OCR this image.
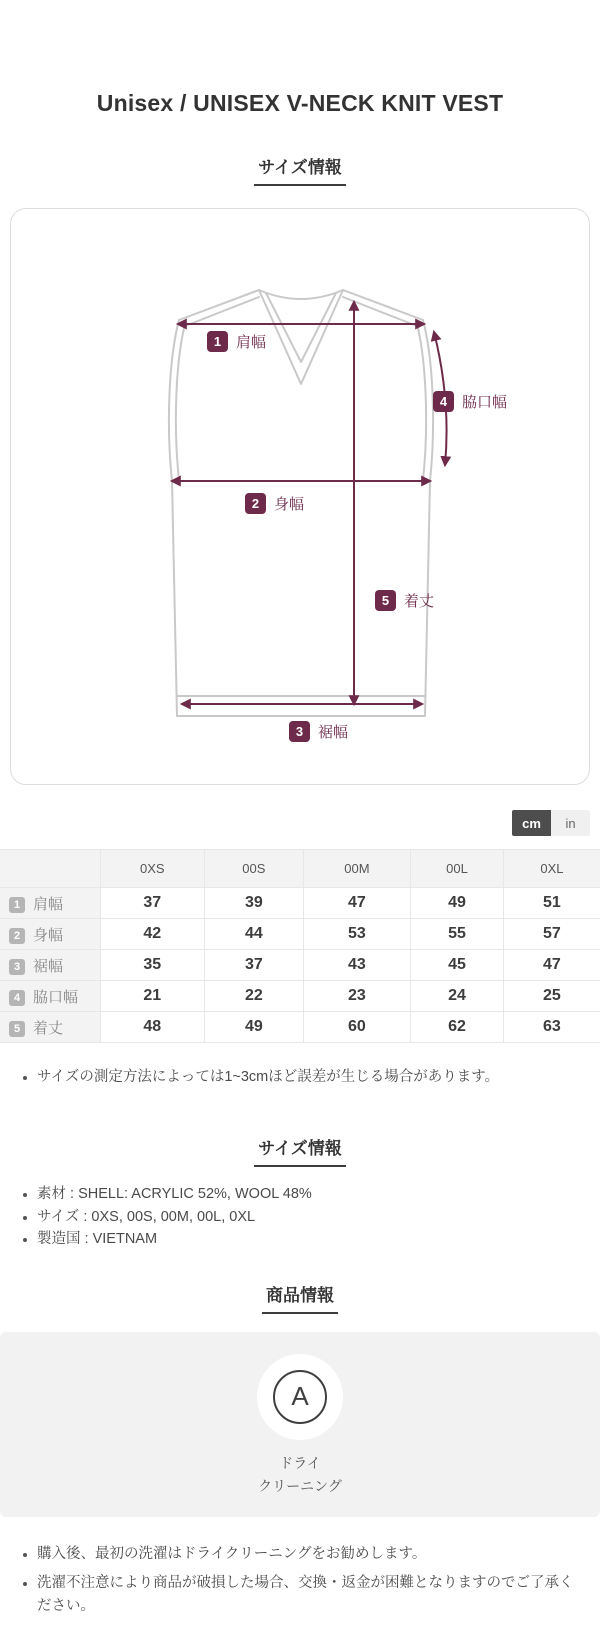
Unisex / UNISEX V-NECK KNIT VEST
サイズ情報
1 肩幅
2 身幅
3 裾幅
4 脇口幅
5 着丈
cm	in
	0XS	00S	00M	00L	0XL
1 肩幅	37	39	47	49	51
2 身幅	42	44	53	55	57
3 裾幅	35	37	43	45	47
4 脇口幅	21	22	23	24	25
5 着丈	48	49	60	62	63
• サイズの測定方法によっては1~3cmほど誤差が生じる場合があります。
サイズ情報
• 素材 : SHELL: ACRYLIC 52%, WOOL 48%
• サイズ : 0XS, 00S, 00M, 00L, 0XL
• 製造国 : VIETNAM
商品情報
A
ドライ
クリーニング
• 購入後、最初の洗濯はドライクリーニングをお勧めします。
• 洗濯不注意により商品が破損した場合、交換・返金が困難となりますのでご了承ください。
